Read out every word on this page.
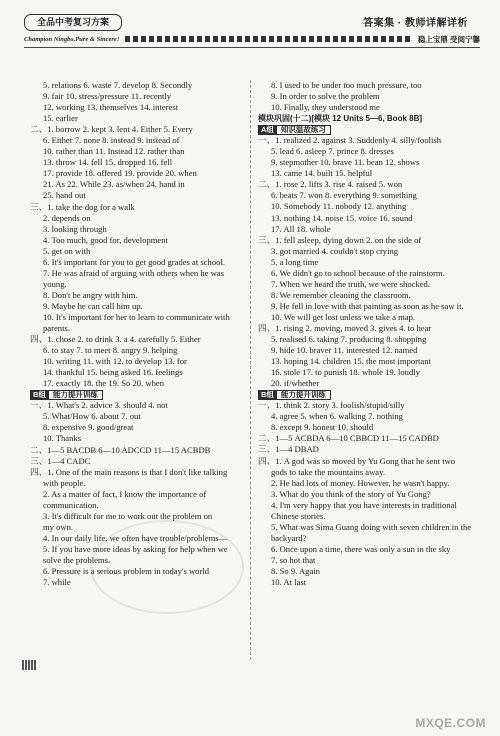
全品中考复习方案	答案集 · 教师详解详析
Champion Ningbo,Pure & Sincere!	稳上宝鼎 受阅宁馨
5. relations 6. waste 7. develop 8. Secondly
9. fair 10. stress/pressure 11. recently
12. working 13. themselves 14. interest
15. earlier
二、1. borrow 2. kept 3. lent 4. Either 5. Every
6. Either 7. none 8. instead 9. instead of
10. rather than 11. Instead 12. rather than
13. throw 14. fell 15. dropped 16. fell
17. provide 18. offered 19. provide 20. when
21. As 22. While 23. as/when 24. hand in
25. hand out
三、1. take the dog for a walk
2. depends on
3. looking through
4. Too much, good for, development
5. get on with
6. It's important for you to get good grades at school.
7. He was afraid of arguing with others when he was
young.
8. Don't be angry with him.
9. Maybe he can call him up.
10. It's important for her to learn to communicate with
parents.
四、1. chose 2. to drink 3. a 4. carefully 5. Either
6. to stay 7. to meet 8. angry 9. helping
10. writing 11. with 12. to develop 13. for
14. thankful 15. being asked 16. feelings
17. exactly 18. the 19. So 20. when
B组 能力提升训练
一、1. What's 2. advice 3. should 4. not
5. What/How 6. about 7. out
8. expensive 9. good/great
10. Thanks
二、1—5 BACDB 6—10 ADCCD 11—15 ACBDB
三、1—4 CADC
四、1. One of the main reasons is that I don't like talking
with people.
2. As a matter of fact, I know the importance of
communication.
3. It's difficult for me to work out the problem on
my own.
4. In our daily life, we often have trouble/problems—
5. If you have more ideas by asking for help when we
solve the problems.
6. Pressure is a serious problem in today's world
7. while
8. I used to be under too much pressure, too
9. In order to solve the problem
10. Finally, they understood me
模块巩固(十二)[模块 12 Units 5—6, Book 8B]
A组 知识温故练习
一、1. realized 2. against 3. Suddenly 4. silly/foolish
5. lead 6. asleep 7. prince 8. dresses
9. stepmother 10. brave 11. bean 12. shows
13. came 14. built 15. helpful
二、1. rose 2. lifts 3. rise 4. raised 5. won
6. beats 7. won 8. everything 9. something
10. Somebody 11. nobody 12. anything
13. nothing 14. noise 15. voice 16. sound
17. All 18. whole
三、1. fell asleep, dying down 2. on the side of
3. got married 4. couldn't stop crying
5. a long time
6. We didn't go to school because of the rainstorm.
7. When we heard the truth, we were shocked.
8. We remember cleaning the classroom.
9. He fell in love with that painting as soon as he saw it.
10. We will get lost unless we take a map.
四、1. rising 2. moving, moved 3. gives 4. to hear
5. realised 6. taking 7. producing 8. shopping
9. hide 10. braver 11. interested 12. named
13. hoping 14. children 15. the most important
16. stole 17. to punish 18. whole 19. loudly
20. if/whether
B组 能力提升训练
一、1. think 2. story 3. foolish/stupid/silly
4. agree 5. when 6. walking 7. nothing
8. except 9. honest 10. should
二、1—5 ACBDA 6—10 CBBCD 11—15 CADBD
三、1—4 DBAD
四、1. A god was so moved by Yu Gong that he sent two
gods to take the mountains away.
2. He had lots of money. However, he wasn't happy.
3. What do you think of the story of Yu Gong?
4. I'm very happy that you have interests in traditional
Chinese stories.
5. What was Sima Guang doing with seven children in the
backyard?
6. Once upon a time, there was only a sun in the sky
7. so hot that
8. So 9. Again
10. At last
MXQE.COM
